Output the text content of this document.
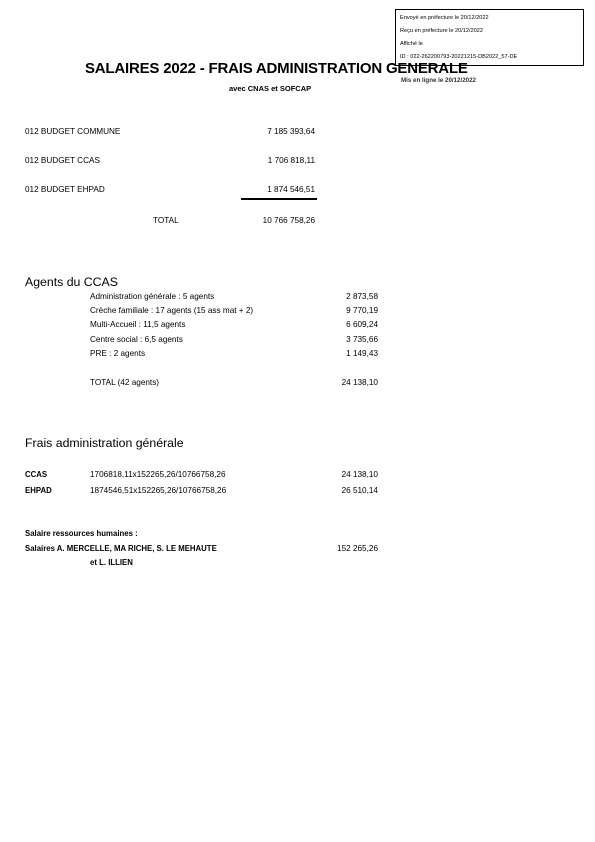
Envoyé en préfecture le 20/12/2022
Reçu en préfecture le 20/12/2022
Affiché le
ID : 022-262200793-20221215-DB2022_57-DE
SALAIRES 2022 - FRAIS ADMINISTRATION GENERALE
avec CNAS et SOFCAP
Mis en ligne le 20/12/2022
012 BUDGET COMMUNE	7 185 393,64
012 BUDGET CCAS	1 706 818,11
012 BUDGET EHPAD	1 874 546,51
TOTAL	10 766 758,26
Agents du CCAS
Administration générale : 5 agents	2 873,58
Crèche familiale : 17 agents (15 ass mat + 2)	9 770,19
Multi-Accueil : 11,5 agents	6 609,24
Centre social : 6,5 agents	3 735,66
PRE : 2 agents	1 149,43
TOTAL (42 agents)	24 138,10
Frais administration générale
CCAS	1706818,11x152265,26/10766758,26	24 138,10
EHPAD	1874546,51x152265,26/10766758,26	26 510,14
Salaire ressources humaines :
Salaires A. MERCELLE, MA RICHE, S. LE MEHAUTE	152 265,26
et L. ILLIEN
